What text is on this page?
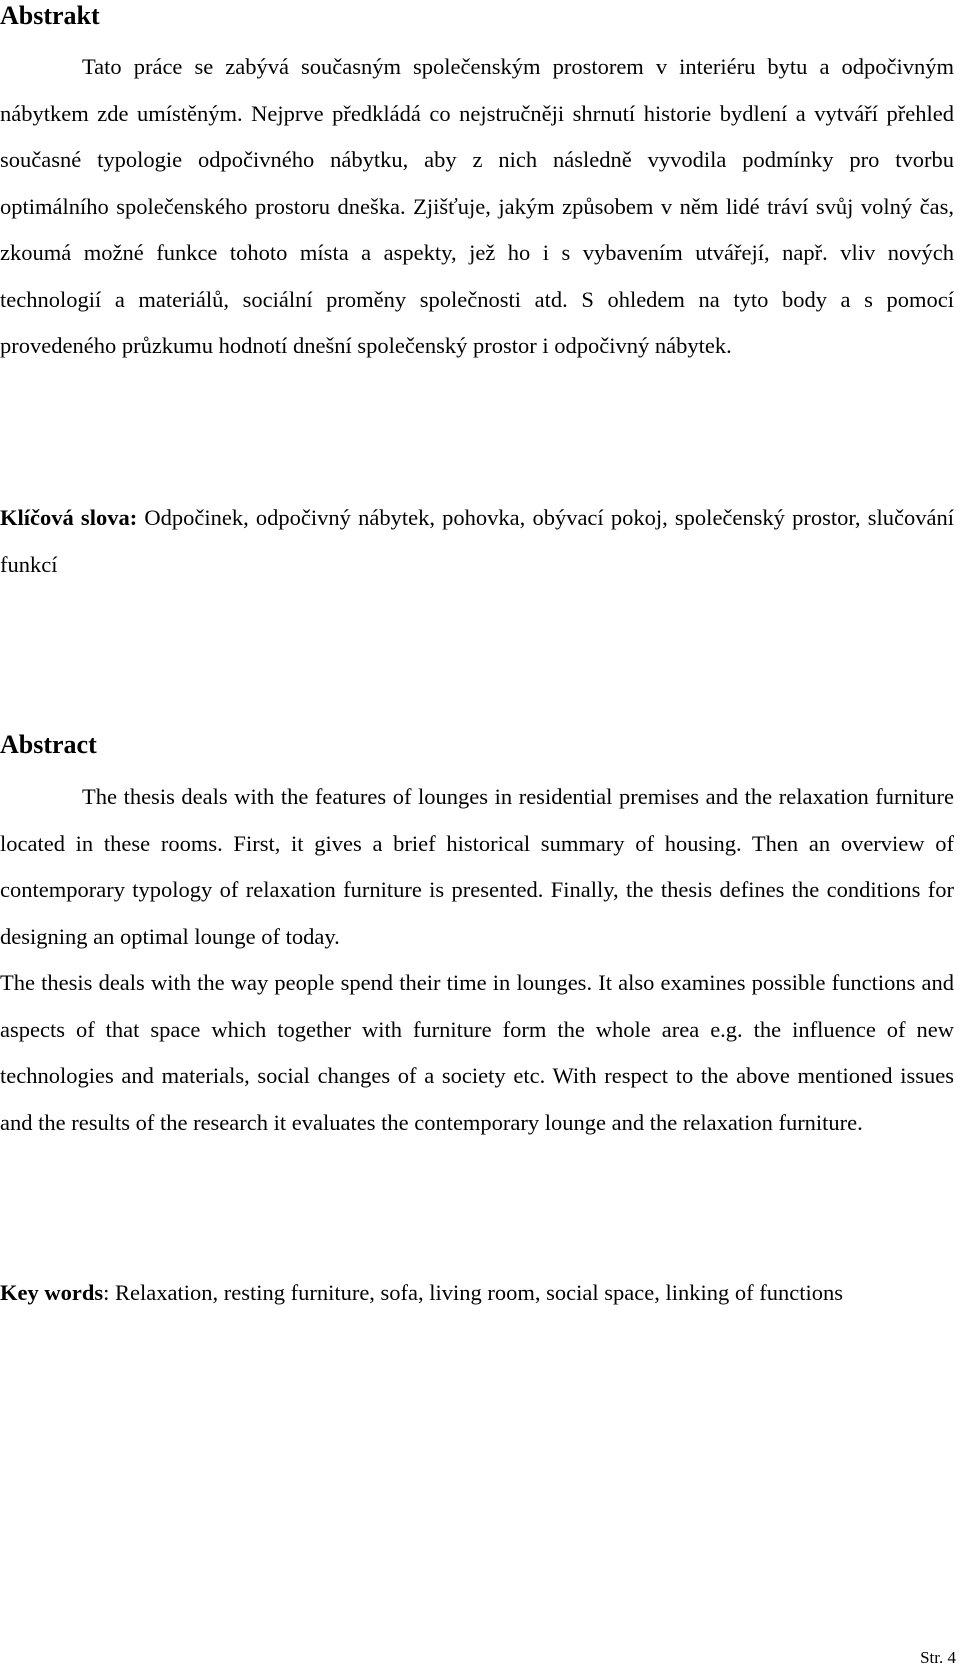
Abstrakt

Tato práce se zabývá současným společenským prostorem v interiéru bytu a odpočivným nábytkem zde umístěným. Nejprve předkládá co nejstručněji shrnutí historie bydlení a vytváří přehled současné typologie odpočivného nábytku, aby z nich následně vyvodila podmínky pro tvorbu optimálního společenského prostoru dneška. Zjišťuje, jakým způsobem v něm lidé tráví svůj volný čas, zkoumá možné funkce tohoto místa a aspekty, jež ho i s vybavením utvářejí, např. vliv nových technologií a materiálů, sociální proměny společnosti atd. S ohledem na tyto body a s pomocí provedeného průzkumu hodnotí dnešní společenský prostor i odpočivný nábytek.

Klíčová slova: Odpočinek, odpočivný nábytek, pohovka, obývací pokoj, společenský prostor, slučování funkcí

Abstract

The thesis deals with the features of lounges in residential premises and the relaxation furniture located in these rooms. First, it gives a brief historical summary of housing. Then an overview of contemporary typology of relaxation furniture is presented. Finally, the thesis defines the conditions for designing an optimal lounge of today.

The thesis deals with the way people spend their time in lounges. It also examines possible functions and aspects of that space which together with furniture form the whole area e.g. the influence of new technologies and materials, social changes of a society etc. With respect to the above mentioned issues and the results of the research it evaluates the contemporary lounge and the relaxation furniture.

Key words: Relaxation, resting furniture, sofa, living room, social space, linking of functions

Str. 4
